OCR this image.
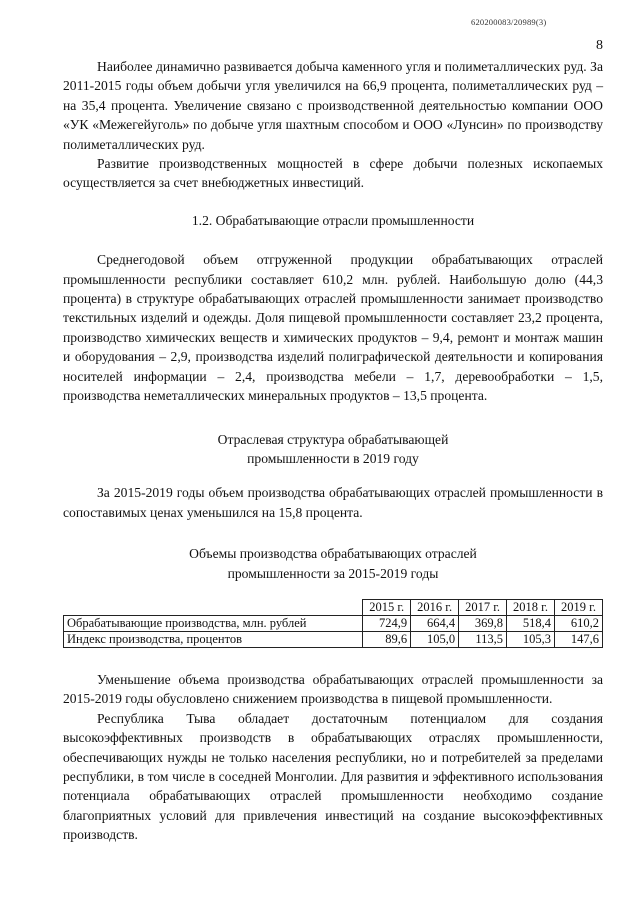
620200083/20989(3)
8

Наиболее динамично развивается добыча каменного угля и полиметаллических руд. За 2011-2015 годы объем добычи угля увеличился на 66,9 процента, полиметаллических руд – на 35,4 процента. Увеличение связано с производственной деятельностью компании ООО «УК «Межегейуголь» по добыче угля шахтным способом и ООО «Лунсин» по производству полиметаллических руд.

Развитие производственных мощностей в сфере добычи полезных ископаемых осуществляется за счет внебюджетных инвестиций.

1.2. Обрабатывающие отрасли промышленности

Среднегодовой объем отгруженной продукции обрабатывающих отраслей промышленности республики составляет 610,2 млн. рублей. Наибольшую долю (44,3 процента) в структуре обрабатывающих отраслей промышленности занимает производство текстильных изделий и одежды. Доля пищевой промышленности составляет 23,2 процента, производство химических веществ и химических продуктов – 9,4, ремонт и монтаж машин и оборудования – 2,9, производства изделий полиграфической деятельности и копирования носителей информации – 2,4, производства мебели – 1,7, деревообработки – 1,5, производства неметаллических минеральных продуктов – 13,5 процента.

Отраслевая структура обрабатывающей

промышленности в 2019 году

За 2015-2019 годы объем производства обрабатывающих отраслей промышленности в сопоставимых ценах уменьшился на 15,8 процента.

Объемы производства обрабатывающих отраслей

промышленности за 2015-2019 годы

	2015 г.	2016 г.	2017 г.	2018 г.	2019 г.
Обрабатывающие производства, млн. рублей	724,9	664,4	369,8	518,4	610,2
Индекс производства, процентов	89,6	105,0	113,5	105,3	147,6

Уменьшение объема производства обрабатывающих отраслей промышленности за 2015-2019 годы обусловлено снижением производства в пищевой промышленности.

Республика Тыва обладает достаточным потенциалом для создания высокоэффективных производств в обрабатывающих отраслях промышленности, обеспечивающих нужды не только населения республики, но и потребителей за пределами республики, в том числе в соседней Монголии. Для развития и эффективного использования потенциала обрабатывающих отраслей промышленности необходимо создание благоприятных условий для привлечения инвестиций на создание высокоэффективных производств.
